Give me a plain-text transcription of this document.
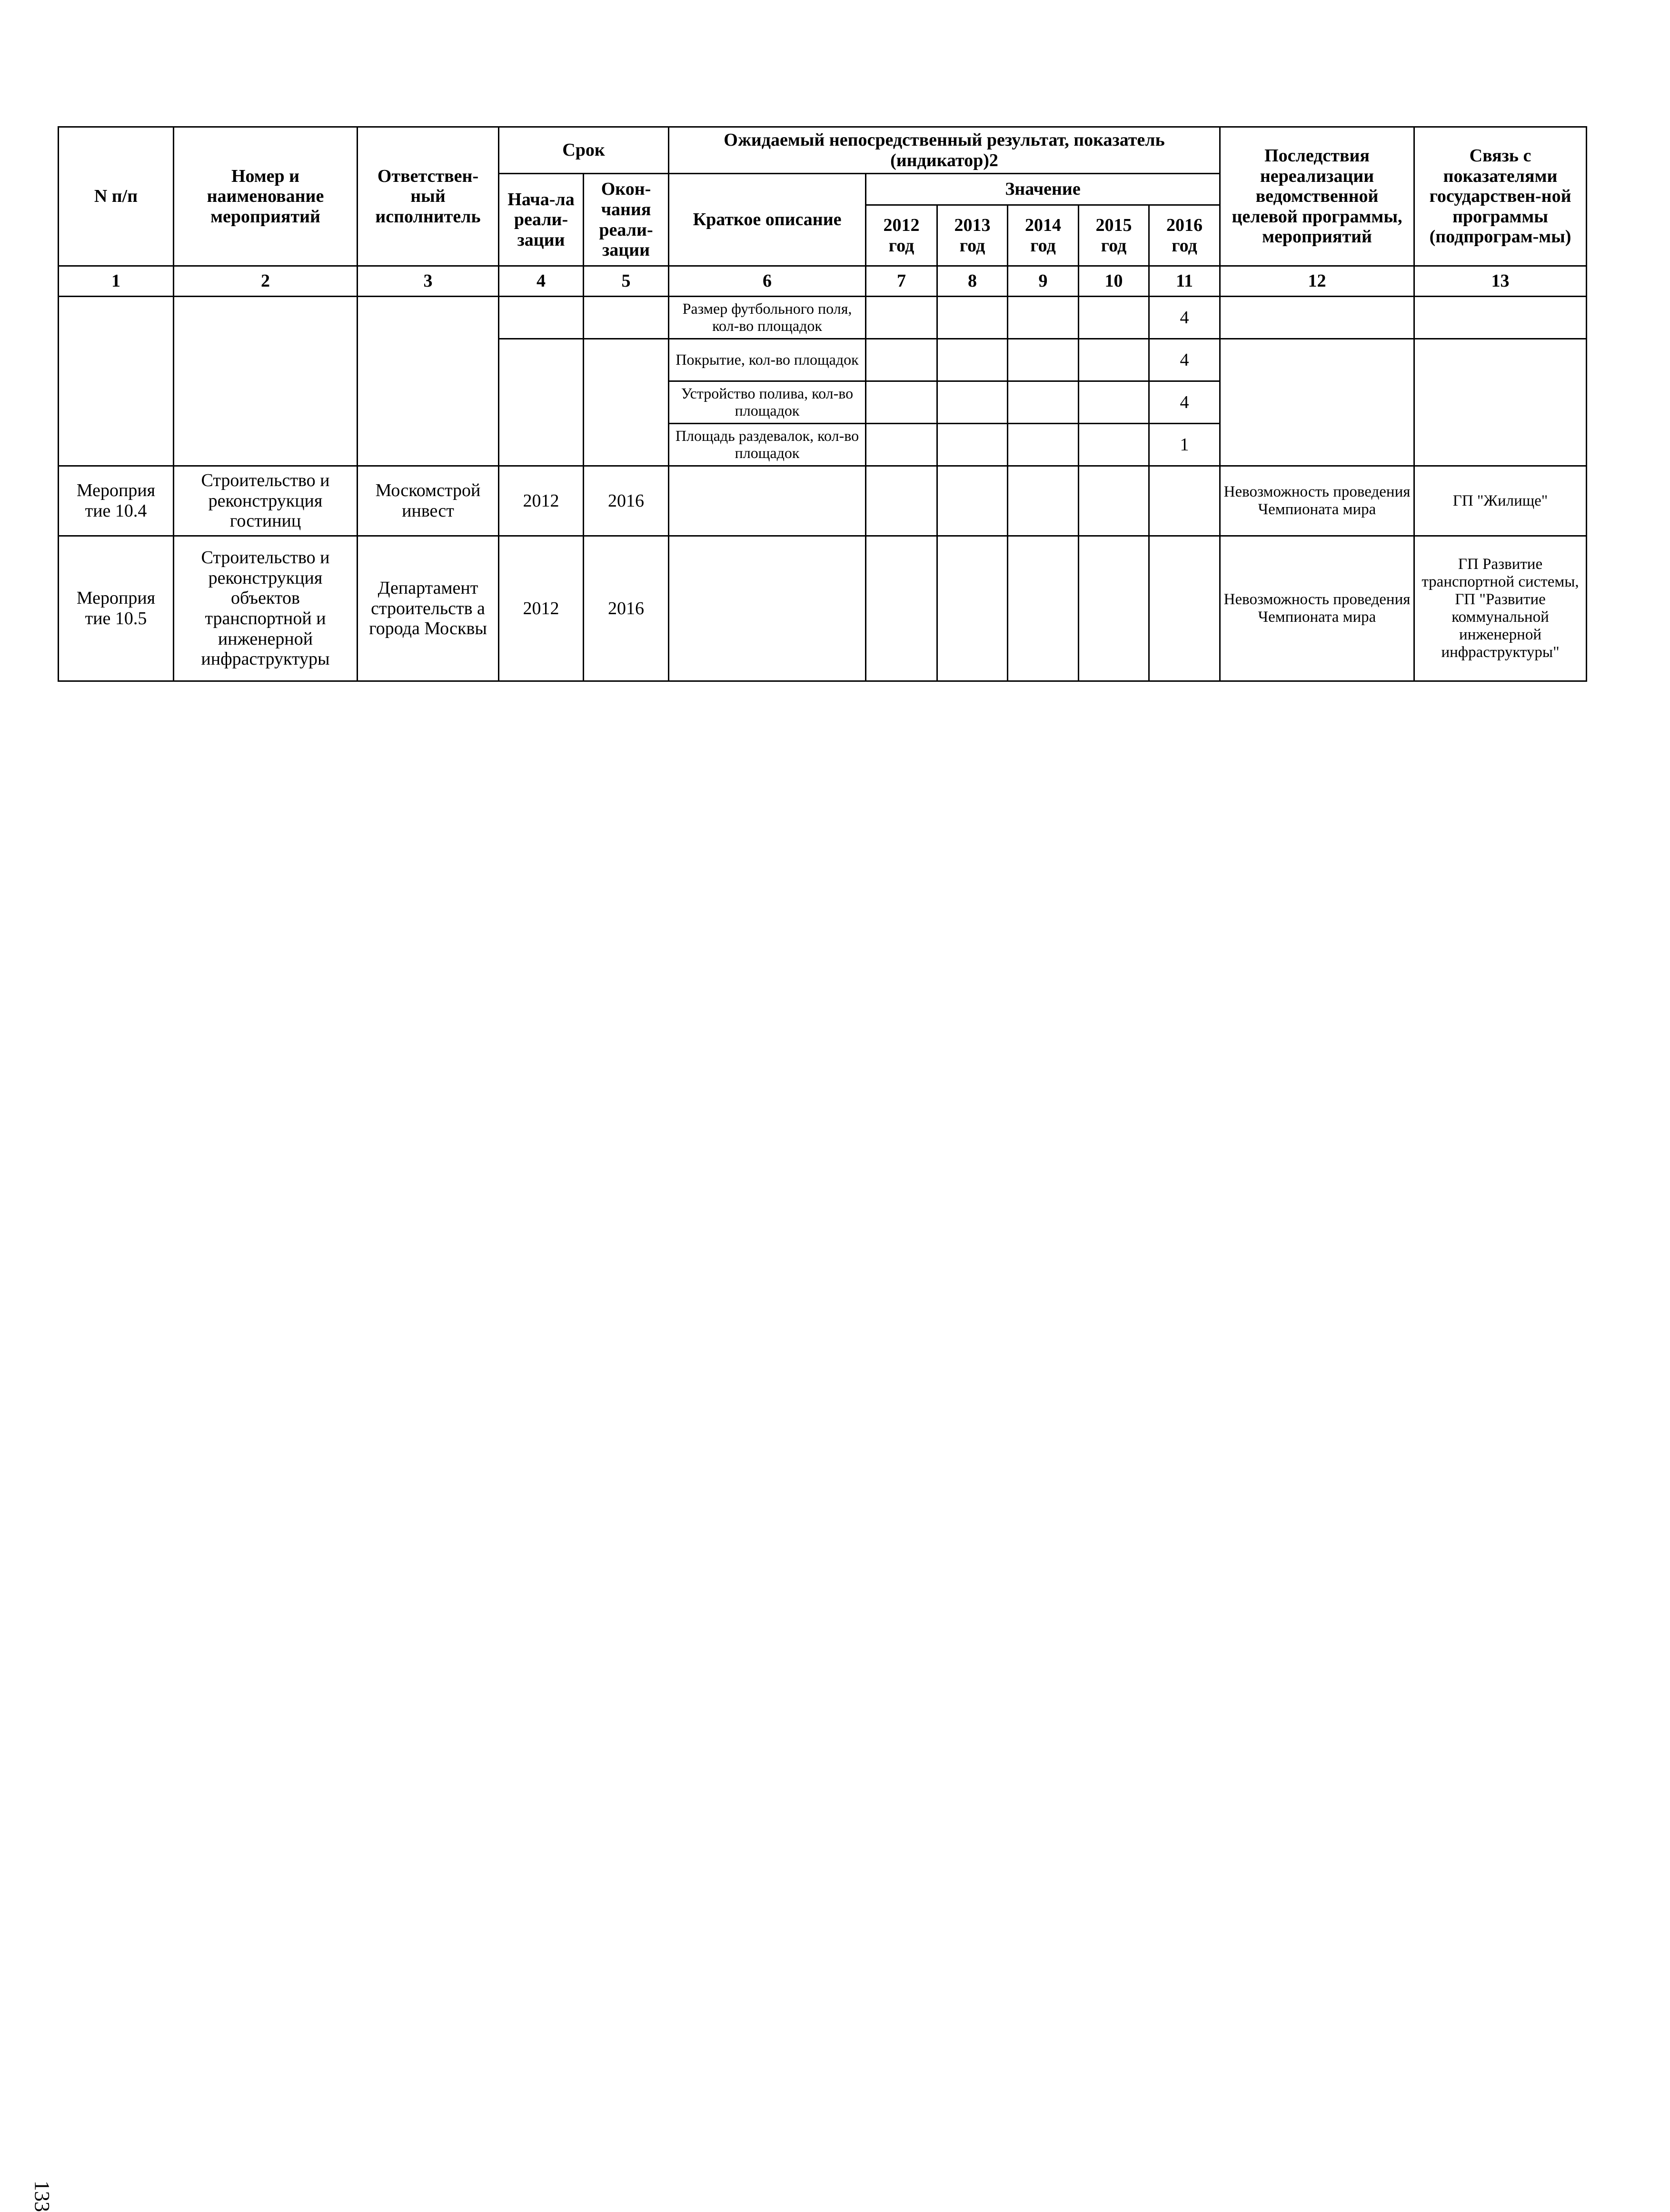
N п/п	Номер и наименование мероприятий	Ответствен-ный исполнитель	Срок		Ожидаемый непосредственный результат, показатель (индикатор)2						Последствия нереализации ведомственной целевой программы, мероприятий	Связь с показателями государствен-ной программы (подпрограм-мы)
			Нача-ла реали-зации	Окон-чания реали-зации	Краткое описание	Значение						
						2012 год	2013 год	2014 год	2015 год	2016 год		
1	2	3	4	5	6	7	8	9	10	11	12	13
					Размер футбольного поля, кол-во площадок					4		
					Покрытие, кол-во площадок					4		
					Устройство полива, кол-во площадок					4		
					Площадь раздевалок, кол-во площадок					1		
Мероприя тие 10.4	Строительство и реконструкция гостиниц	Москомстрой инвест	2012	2016							Невозможность проведения Чемпионата мира	ГП "Жилище"
Мероприя тие 10.5	Строительство и реконструкция объектов транспортной и инженерной инфраструктуры	Департамент строительств а города Москвы	2012	2016							Невозможность проведения Чемпионата мира	ГП Развитие транспортной системы, ГП "Развитие коммунальной инженерной инфраструктуры"
133
